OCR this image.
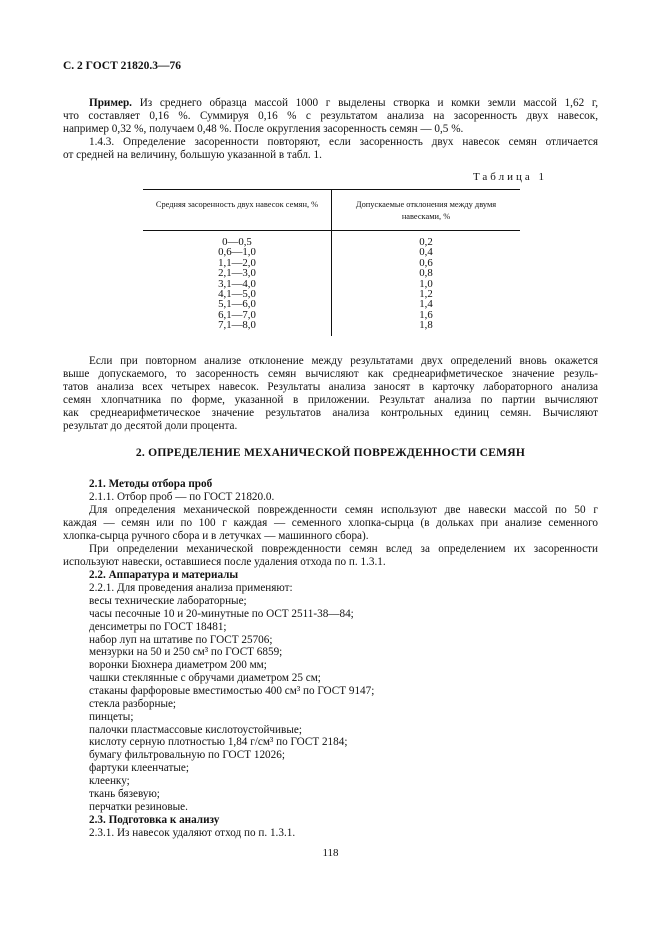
С. 2 ГОСТ 21820.3—76
Пример. Из среднего образца массой 1000 г выделены створка и комки земли массой 1,62 г,
что составляет 0,16 %. Суммируя 0,16 % с результатом анализа на засоренность двух навесок,
например 0,32 %, получаем 0,48 %. После округления засоренность семян — 0,5 %.
1.4.3. Определение засоренности повторяют, если засоренность двух навесок семян отличается
от средней на величину, большую указанной в табл. 1.
Таблица 1
Средняя засоренность двух навесок семян, %	Допускаемые отклонения между двумя навесками, %
0—0,5
0,6—1,0
1,1—2,0
2,1—3,0
3,1—4,0
4,1—5,0
5,1—6,0
6,1—7,0
7,1—8,0
0,2
0,4
0,6
0,8
1,0
1,2
1,4
1,6
1,8
Если при повторном анализе отклонение между результатами двух определений вновь окажется
выше допускаемого, то засоренность семян вычисляют как среднеарифметическое значение резуль-
татов анализа всех четырех навесок. Результаты анализа заносят в карточку лабораторного анализа
семян хлопчатника по форме, указанной в приложении. Результат анализа по партии вычисляют
как среднеарифметическое значение результатов анализа контрольных единиц семян. Вычисляют
результат до десятой доли процента.
2. ОПРЕДЕЛЕНИЕ МЕХАНИЧЕСКОЙ ПОВРЕЖДЕННОСТИ СЕМЯН
2.1. Методы отбора проб
2.1.1. Отбор проб — по ГОСТ 21820.0.
Для определения механической поврежденности семян используют две навески массой по 50 г
каждая — семян или по 100 г каждая — семенного хлопка-сырца (в дольках при анализе семенного
хлопка-сырца ручного сбора и в летучках — машинного сбора).
При определении механической поврежденности семян вслед за определением их засоренности
используют навески, оставшиеся после удаления отхода по п. 1.3.1.
2.2. Аппаратура и материалы
2.2.1. Для проведения анализа применяют:
весы технические лабораторные;
часы песочные 10 и 20-минутные по ОСТ 2511-38—84;
денсиметры по ГОСТ 18481;
набор луп на штативе по ГОСТ 25706;
мензурки на 50 и 250 см³ по ГОСТ 6859;
воронки Бюхнера диаметром 200 мм;
чашки стеклянные с обручами диаметром 25 см;
стаканы фарфоровые вместимостью 400 см³ по ГОСТ 9147;
стекла разборные;
пинцеты;
палочки пластмассовые кислотоустойчивые;
кислоту серную плотностью 1,84 г/см³ по ГОСТ 2184;
бумагу фильтровальную по ГОСТ 12026;
фартуки клеенчатые;
клеенку;
ткань бязевую;
перчатки резиновые.
2.3. Подготовка к анализу
2.3.1. Из навесок удаляют отход по п. 1.3.1.
118
